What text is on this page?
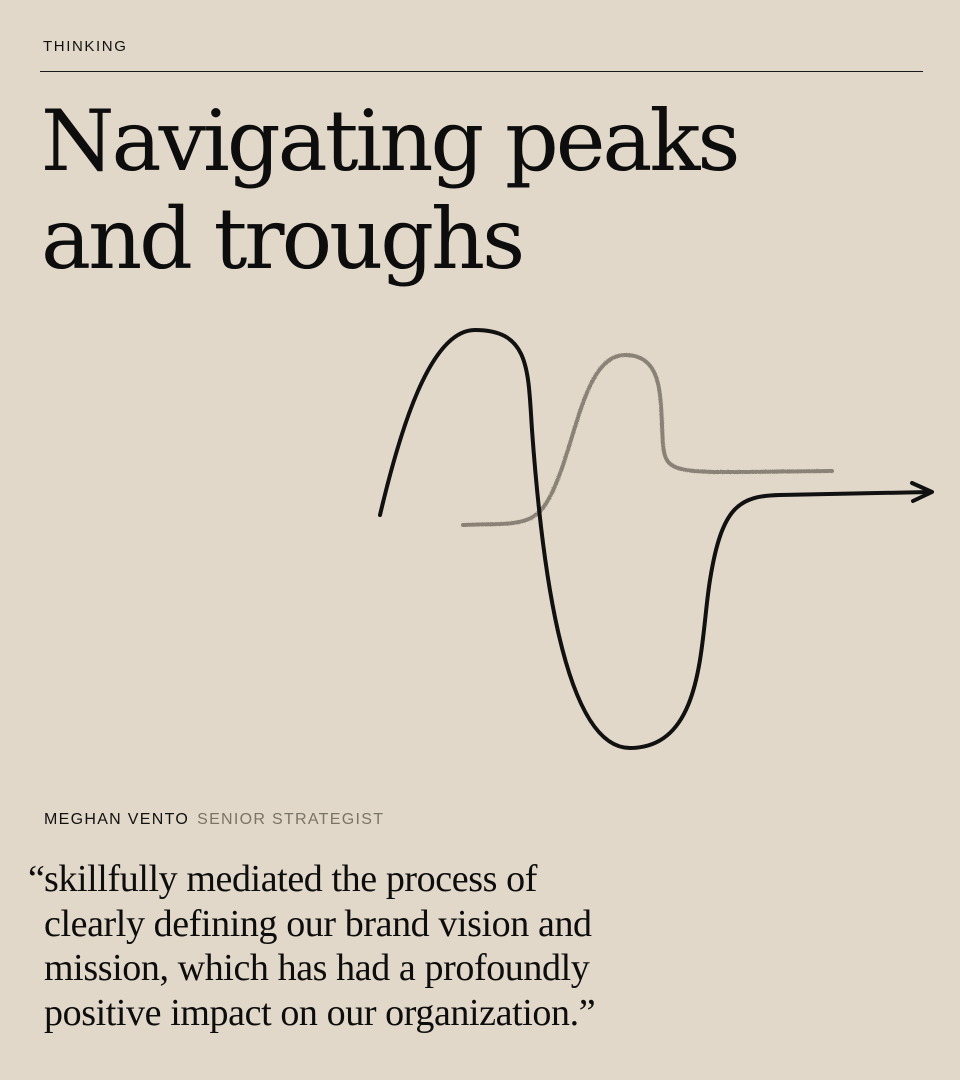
THINKING

Navigating peaks
and troughs

MEGHAN VENTO SENIOR STRATEGIST

“skillfully mediated the process of
clearly defining our brand vision and
mission, which has had a profoundly
positive impact on our organization.”
